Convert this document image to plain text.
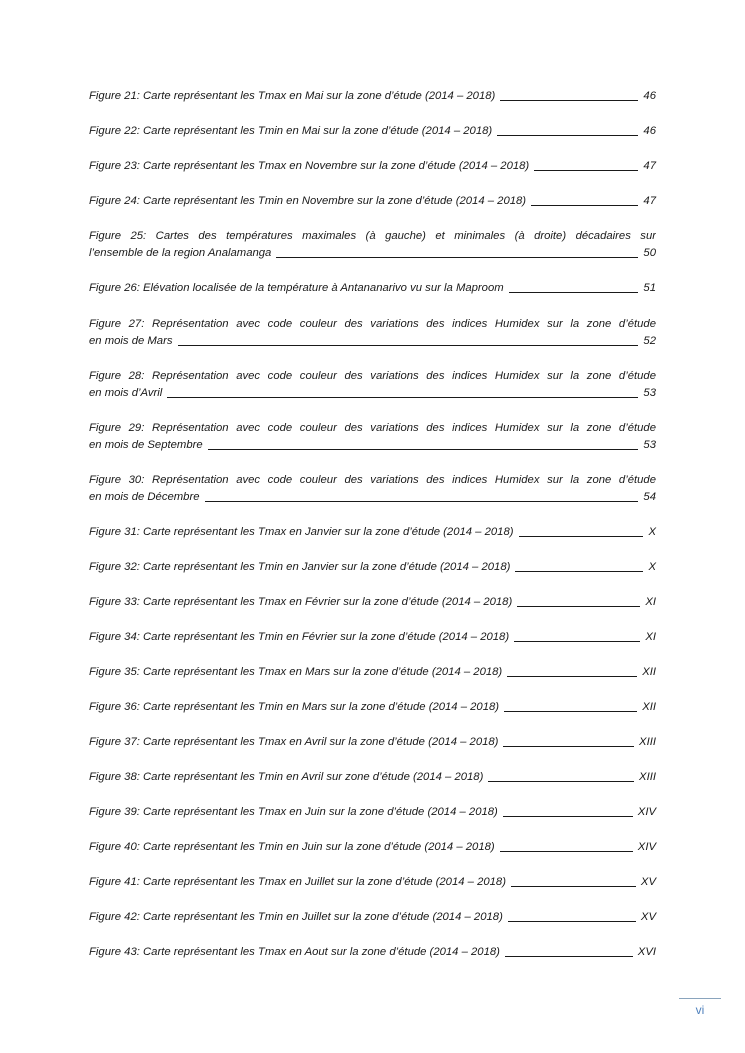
Figure 21: Carte représentant les Tmax en Mai sur la zone d’étude (2014 – 2018)	46
Figure 22: Carte représentant les Tmin en Mai sur la zone d’étude (2014 – 2018)	46
Figure 23: Carte représentant les Tmax en Novembre sur la zone d’étude (2014 – 2018)	47
Figure 24: Carte représentant les Tmin en Novembre sur la zone d’étude (2014 – 2018)	47
Figure 25: Cartes des températures maximales (à gauche) et minimales (à droite) décadaires sur
l’ensemble de la region Analamanga	50
Figure 26: Elévation localisée de la température à Antananarivo vu sur la Maproom	51
Figure 27: Représentation avec code couleur des variations des indices Humidex sur la zone d’étude
en mois de Mars	52
Figure 28: Représentation avec code couleur des variations des indices Humidex sur la zone d’étude
en mois d’Avril	53
Figure 29: Représentation avec code couleur des variations des indices Humidex sur la zone d’étude
en mois de Septembre	53
Figure 30: Représentation avec code couleur des variations des indices Humidex sur la zone d’étude
en mois de Décembre	54
Figure 31: Carte représentant les Tmax en Janvier sur la zone d’étude (2014 – 2018)	X
Figure 32: Carte représentant les Tmin en Janvier sur la zone d’étude (2014 – 2018)	X
Figure 33: Carte représentant les Tmax en Février sur la zone d’étude (2014 – 2018)	XI
Figure 34: Carte représentant les Tmin en Février sur la zone d’étude (2014 – 2018)	XI
Figure 35: Carte représentant les Tmax en Mars sur la zone d’étude (2014 – 2018)	XII
Figure 36: Carte représentant les Tmin en Mars sur la zone d’étude (2014 – 2018)	XII
Figure 37: Carte représentant les Tmax en Avril sur la zone d’étude (2014 – 2018)	XIII
Figure 38: Carte représentant les Tmin en Avril sur zone d’étude (2014 – 2018)	XIII
Figure 39: Carte représentant les Tmax en Juin sur la zone d’étude (2014 – 2018)	XIV
Figure 40: Carte représentant les Tmin en Juin sur la zone d’étude (2014 – 2018)	XIV
Figure 41: Carte représentant les Tmax en Juillet sur la zone d’étude (2014 – 2018)	XV
Figure 42: Carte représentant les Tmin en Juillet sur la zone d’étude (2014 – 2018)	XV
Figure 43: Carte représentant les Tmax en Aout sur la zone d’étude (2014 – 2018)	XVI
vi
